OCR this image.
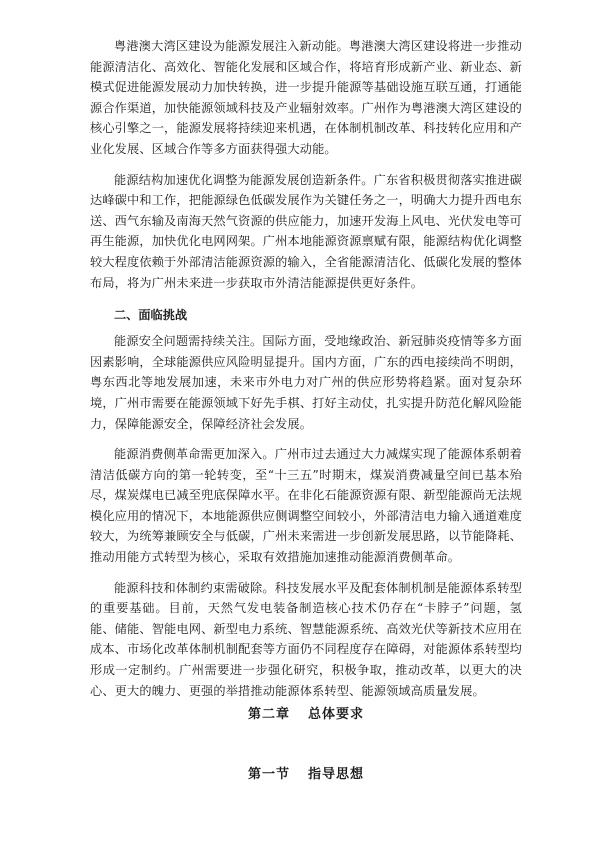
粤港澳大湾区建设为能源发展注入新动能。粤港澳大湾区建设将进一步推动能源清洁化、高效化、智能化发展和区域合作，将培育形成新产业、新业态、新模式促进能源发展动力加快转换，进一步提升能源等基础设施互联互通，打通能源合作渠道，加快能源领域科技及产业辐射效率。广州作为粤港澳大湾区建设的核心引擎之一，能源发展将持续迎来机遇，在体制机制改革、科技转化应用和产业化发展、区域合作等多方面获得强大动能。

能源结构加速优化调整为能源发展创造新条件。广东省积极贯彻落实推进碳达峰碳中和工作，把能源绿色低碳发展作为关键任务之一，明确大力提升西电东送、西气东输及南海天然气资源的供应能力，加速开发海上风电、光伏发电等可再生能源，加快优化电网网架。广州本地能源资源禀赋有限，能源结构优化调整较大程度依赖于外部清洁能源资源的输入，全省能源清洁化、低碳化发展的整体布局，将为广州未来进一步获取市外清洁能源提供更好条件。

二、面临挑战

能源安全问题需持续关注。国际方面，受地缘政治、新冠肺炎疫情等多方面因素影响，全球能源供应风险明显提升。国内方面，广东的西电接续尚不明朗，粤东西北等地发展加速，未来市外电力对广州的供应形势将趋紧。面对复杂环境，广州市需要在能源领域下好先手棋、打好主动仗，扎实提升防范化解风险能力，保障能源安全，保障经济社会发展。

能源消费侧革命需更加深入。广州市过去通过大力减煤实现了能源体系朝着清洁低碳方向的第一轮转变，至“十三五”时期末，煤炭消费减量空间已基本殆尽，煤炭煤电已减至兜底保障水平。在非化石能源资源有限、新型能源尚无法规模化应用的情况下，本地能源供应侧调整空间较小，外部清洁电力输入通道难度较大，为统筹兼顾安全与低碳，广州未来需进一步创新发展思路，以节能降耗、推动用能方式转型为核心，采取有效措施加速推动能源消费侧革命。

能源科技和体制约束需破除。科技发展水平及配套体制机制是能源体系转型的重要基础。目前，天然气发电装备制造核心技术仍存在“卡脖子”问题，氢能、储能、智能电网、新型电力系统、智慧能源系统、高效光伏等新技术应用在成本、市场化改革体制机制配套等方面仍不同程度存在障碍，对能源体系转型均形成一定制约。广州需要进一步强化研究，积极争取，推动改革，以更大的决心、更大的魄力、更强的举措推动能源体系转型、能源领域高质量发展。

第二章 总体要求
第一节 指导思想
